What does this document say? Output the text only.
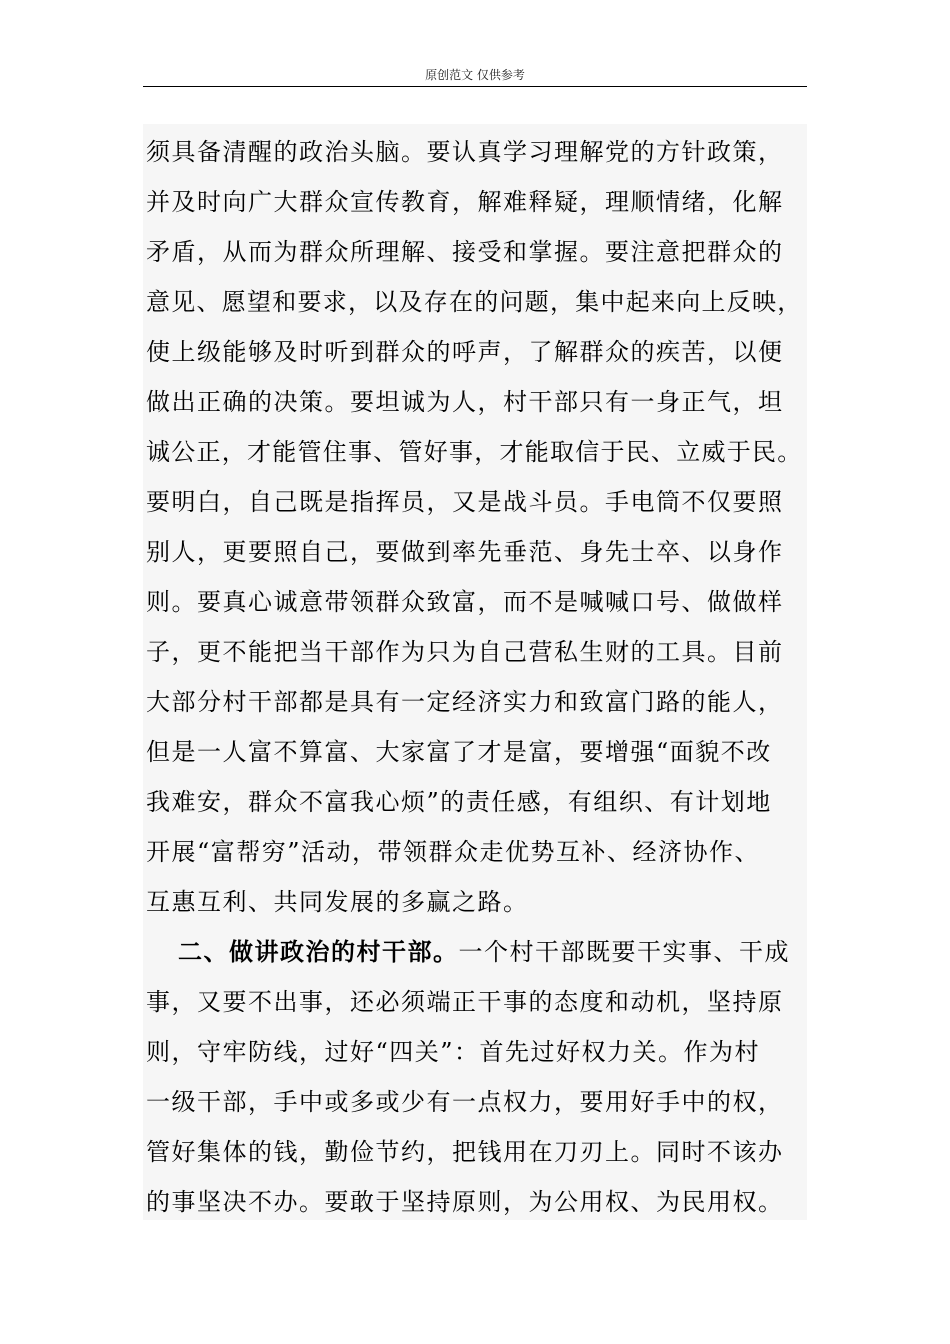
原创范文 仅供参考
须具备清醒的政治头脑。要认真学习理解党的方针政策，
并及时向广大群众宣传教育，解难释疑，理顺情绪，化解
矛盾，从而为群众所理解、接受和掌握。要注意把群众的
意见、愿望和要求，以及存在的问题，集中起来向上反映，
使上级能够及时听到群众的呼声，了解群众的疾苦，以便
做出正确的决策。要坦诚为人，村干部只有一身正气，坦
诚公正，才能管住事、管好事，才能取信于民、立威于民。
要明白，自己既是指挥员，又是战斗员。手电筒不仅要照
别人，更要照自己，要做到率先垂范、身先士卒、以身作
则。要真心诚意带领群众致富，而不是喊喊口号、做做样
子，更不能把当干部作为只为自己营私生财的工具。目前
大部分村干部都是具有一定经济实力和致富门路的能人，
但是一人富不算富、大家富了才是富，要增强“面貌不改
我难安，群众不富我心烦”的责任感，有组织、有计划地
开展“富帮穷”活动，带领群众走优势互补、经济协作、
互惠互利、共同发展的多赢之路。
二、做讲政治的村干部。一个村干部既要干实事、干成
事，又要不出事，还必须端正干事的态度和动机，坚持原
则，守牢防线，过好“四关”：首先过好权力关。作为村
一级干部，手中或多或少有一点权力，要用好手中的权，
管好集体的钱，勤俭节约，把钱用在刀刃上。同时不该办
的事坚决不办。要敢于坚持原则，为公用权、为民用权。
